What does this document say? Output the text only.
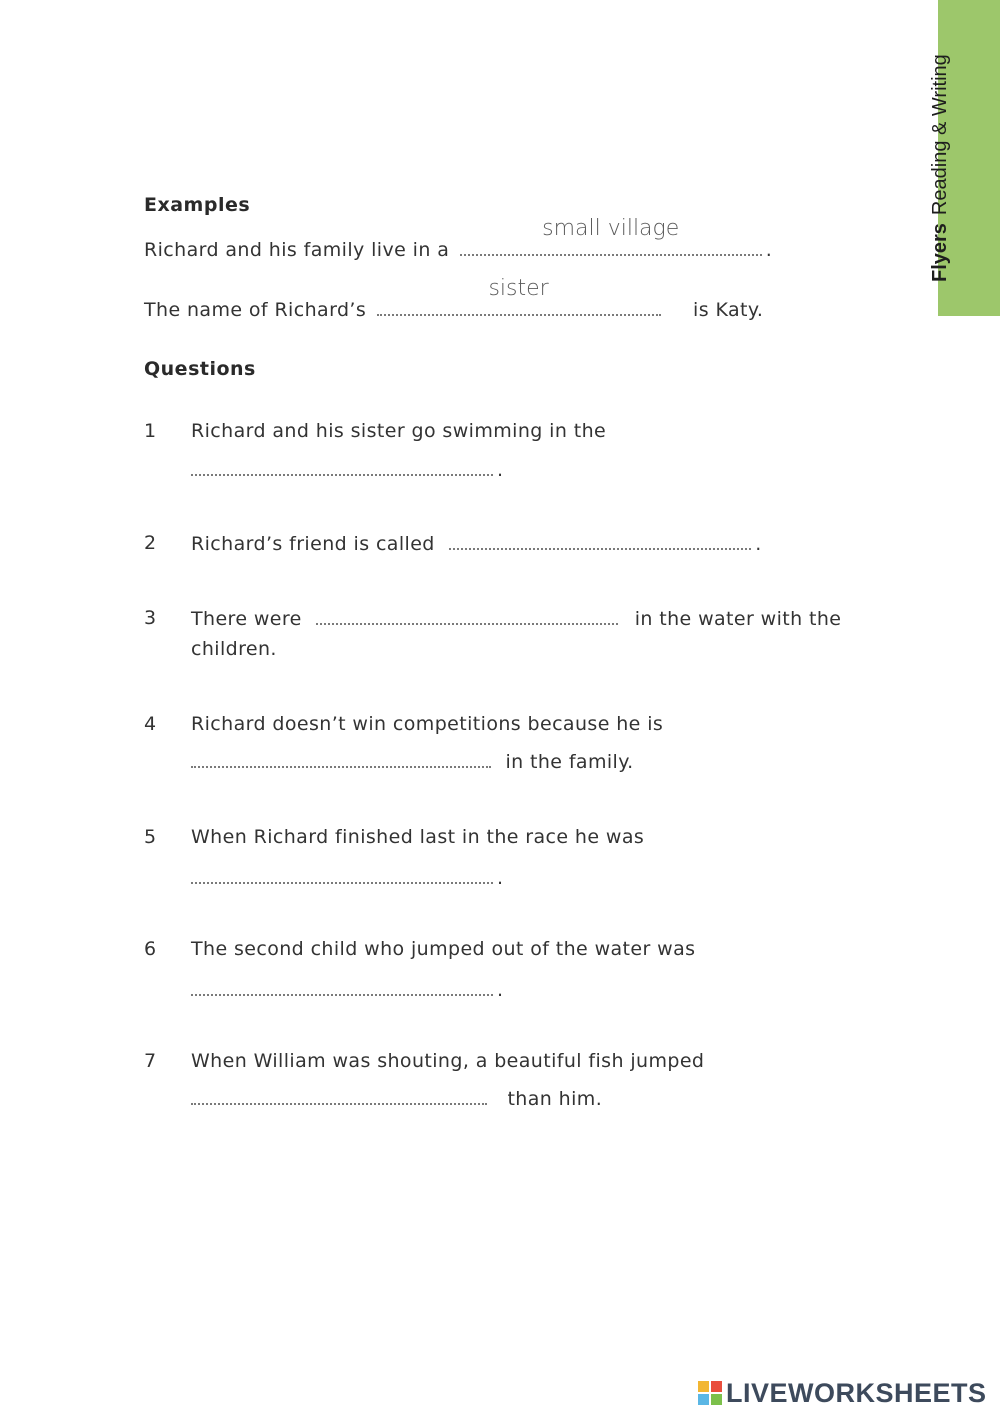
FlyersReading & Writing
Examples
Richard and his family live in a
small village
.
The name of Richard’s
sister
is Katy.
Questions
1 Richard and his sister go swimming in the
.
2 Richard’s friend is called	.
3 There were	in the water with the
children.
4 Richard doesn’t win competitions because he is
in the family.
5 When Richard finished last in the race he was
.
6 The second child who jumped out of the water was
.
7 When William was shouting, a beautiful fish jumped
than him.
LIVEWORKSHEETS
